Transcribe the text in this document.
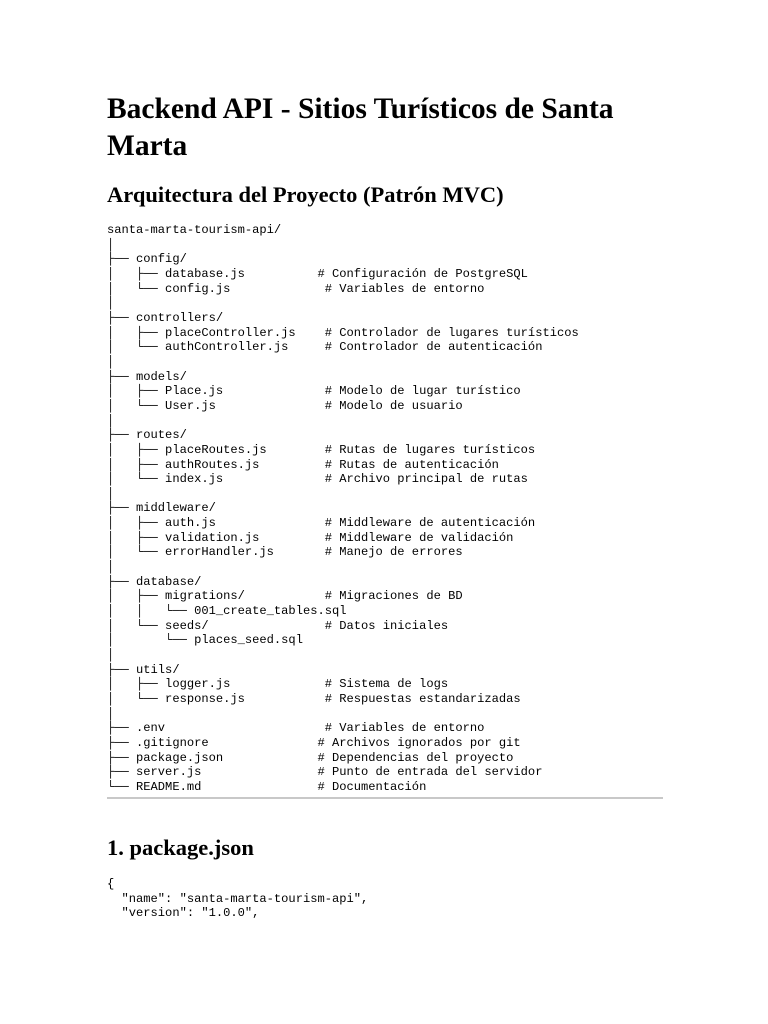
Backend API - Sitios Turísticos de Santa Marta
Arquitectura del Proyecto (Patrón MVC)
santa-marta-tourism-api/
│
├── config/
│   ├── database.js          # Configuración de PostgreSQL
│   └── config.js             # Variables de entorno
│
├── controllers/
│   ├── placeController.js    # Controlador de lugares turísticos
│   └── authController.js     # Controlador de autenticación
│
├── models/
│   ├── Place.js              # Modelo de lugar turístico
│   └── User.js               # Modelo de usuario
│
├── routes/
│   ├── placeRoutes.js        # Rutas de lugares turísticos
│   ├── authRoutes.js         # Rutas de autenticación
│   └── index.js              # Archivo principal de rutas
│
├── middleware/
│   ├── auth.js               # Middleware de autenticación
│   ├── validation.js         # Middleware de validación
│   └── errorHandler.js       # Manejo de errores
│
├── database/
│   ├── migrations/           # Migraciones de BD
│   │   └── 001_create_tables.sql
│   └── seeds/                # Datos iniciales
│       └── places_seed.sql
│
├── utils/
│   ├── logger.js             # Sistema de logs
│   └── response.js           # Respuestas estandarizadas
│
├── .env                      # Variables de entorno
├── .gitignore               # Archivos ignorados por git
├── package.json             # Dependencias del proyecto
├── server.js                # Punto de entrada del servidor
└── README.md                # Documentación
1. package.json
{
"name": "santa-marta-tourism-api",
"version": "1.0.0",
